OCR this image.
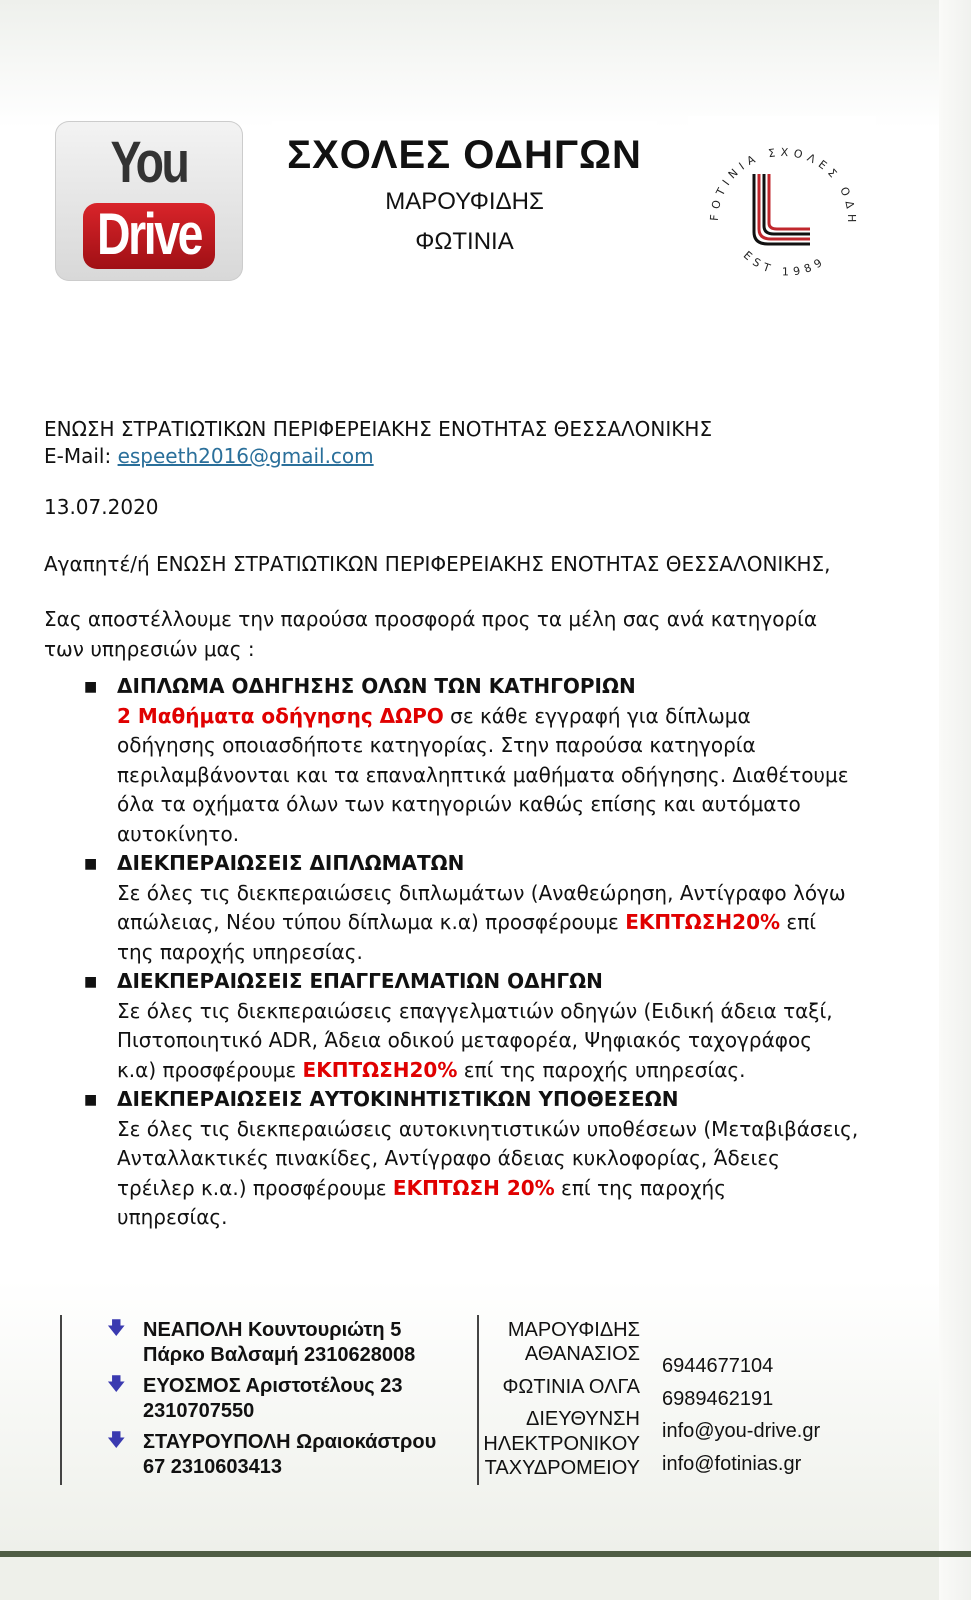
You
Drive
ΣΧΟΛΕΣ ΟΔΗΓΩΝ
ΜΑΡΟΥΦΙΔΗΣ
ΦΩΤΙΝΙΑ
FOTINIA ΣΧΟΛΕΣ ΟΔΗ
EST 1989
ΕΝΩΣΗ ΣΤΡΑΤΙΩΤΙΚΩΝ ΠΕΡΙΦΕΡΕΙΑΚΗΣ ΕΝΟΤΗΤΑΣ ΘΕΣΣΑΛΟΝΙΚΗΣ
E-Mail: espeeth2016@gmail.com
13.07.2020
Αγαπητέ/ή ΕΝΩΣΗ ΣΤΡΑΤΙΩΤΙΚΩΝ ΠΕΡΙΦΕΡΕΙΑΚΗΣ ΕΝΟΤΗΤΑΣ ΘΕΣΣΑΛΟΝΙΚΗΣ,
Σας αποστέλλουμε την παρούσα προσφορά προς τα μέλη σας ανά κατηγορία
των υπηρεσιών μας :
■ ΔΙΠΛΩΜΑ ΟΔΗΓΗΣΗΣ ΟΛΩΝ ΤΩΝ ΚΑΤΗΓΟΡΙΩΝ
2 Μαθήματα οδήγησης ΔΩΡΟ σε κάθε εγγραφή για δίπλωμα
οδήγησης οποιασδήποτε κατηγορίας. Στην παρούσα κατηγορία
περιλαμβάνονται και τα επαναληπτικά μαθήματα οδήγησης. Διαθέτουμε
όλα τα οχήματα όλων των κατηγοριών καθώς επίσης και αυτόματο
αυτοκίνητο.
■ ΔΙΕΚΠΕΡΑΙΩΣΕΙΣ ΔΙΠΛΩΜΑΤΩΝ
Σε όλες τις διεκπεραιώσεις διπλωμάτων (Αναθεώρηση, Αντίγραφο λόγω
απώλειας, Νέου τύπου δίπλωμα κ.α) προσφέρουμε ΕΚΠΤΩΣΗ20% επί
της παροχής υπηρεσίας.
■ ΔΙΕΚΠΕΡΑΙΩΣΕΙΣ ΕΠΑΓΓΕΛΜΑΤΙΩΝ ΟΔΗΓΩΝ
Σε όλες τις διεκπεραιώσεις επαγγελματιών οδηγών (Ειδική άδεια ταξί,
Πιστοποιητικό ADR, Άδεια οδικού μεταφορέα, Ψηφιακός ταχογράφος
κ.α) προσφέρουμε ΕΚΠΤΩΣΗ20% επί της παροχής υπηρεσίας.
■ ΔΙΕΚΠΕΡΑΙΩΣΕΙΣ ΑΥΤΟΚΙΝΗΤΙΣΤΙΚΩΝ ΥΠΟΘΕΣΕΩΝ
Σε όλες τις διεκπεραιώσεις αυτοκινητιστικών υποθέσεων (Μεταβιβάσεις,
Ανταλλακτικές πινακίδες, Αντίγραφο άδειας κυκλοφορίας, Άδειες
τρέιλερ κ.α.) προσφέρουμε ΕΚΠΤΩΣΗ 20% επί της παροχής
υπηρεσίας.
🡇 ΝΕΑΠΟΛΗ Κουντουριώτη 5
Πάρκο Βαλσαμή 2310628008
🡇 ΕΥΟΣΜΟΣ Αριστοτέλους 23
2310707550
🡇 ΣΤΑΥΡΟΥΠΟΛΗ Ωραιοκάστρου
67 2310603413
ΜΑΡΟΥΦΙΔΗΣ
ΑΘΑΝΑΣΙΟΣ
ΦΩΤΙΝΙΑ ΟΛΓΑ
ΔΙΕΥΘΥΝΣΗ
ΗΛΕΚΤΡΟΝΙΚΟΥ
ΤΑΧΥΔΡΟΜΕΙΟΥ
6944677104
6989462191
info@you-drive.gr
info@fotinias.gr
